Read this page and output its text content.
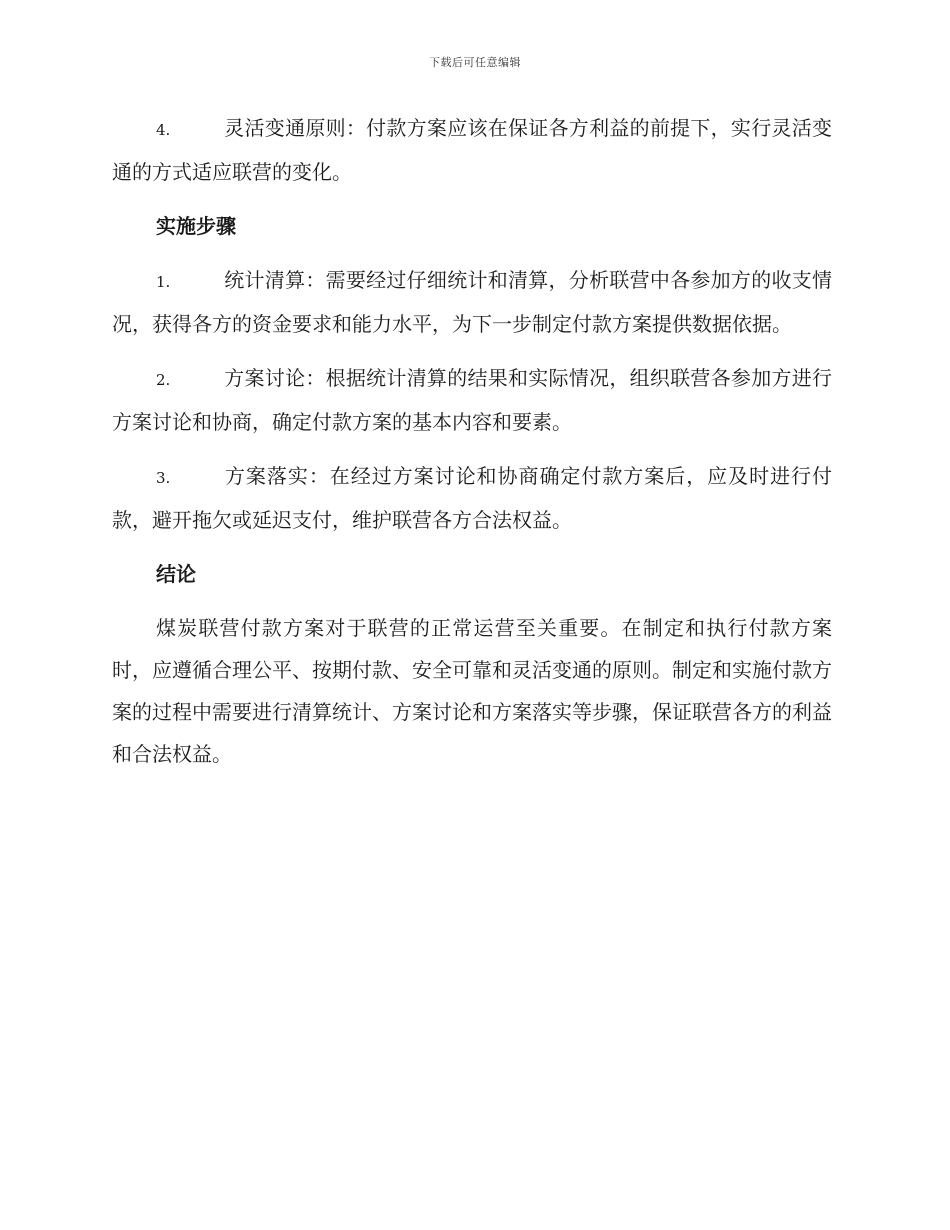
下载后可任意编辑

4.	灵活变通原则：付款方案应该在保证各方利益的前提下，实行灵活变通的方式适应联营的变化。

实施步骤

1.	统计清算：需要经过仔细统计和清算，分析联营中各参加方的收支情况，获得各方的资金要求和能力水平，为下一步制定付款方案提供数据依据。

2.	方案讨论：根据统计清算的结果和实际情况，组织联营各参加方进行方案讨论和协商，确定付款方案的基本内容和要素。

3.	方案落实：在经过方案讨论和协商确定付款方案后，应及时进行付款，避开拖欠或延迟支付，维护联营各方合法权益。

结论

煤炭联营付款方案对于联营的正常运营至关重要。在制定和执行付款方案时，应遵循合理公平、按期付款、安全可靠和灵活变通的原则。制定和实施付款方案的过程中需要进行清算统计、方案讨论和方案落实等步骤，保证联营各方的利益和合法权益。
